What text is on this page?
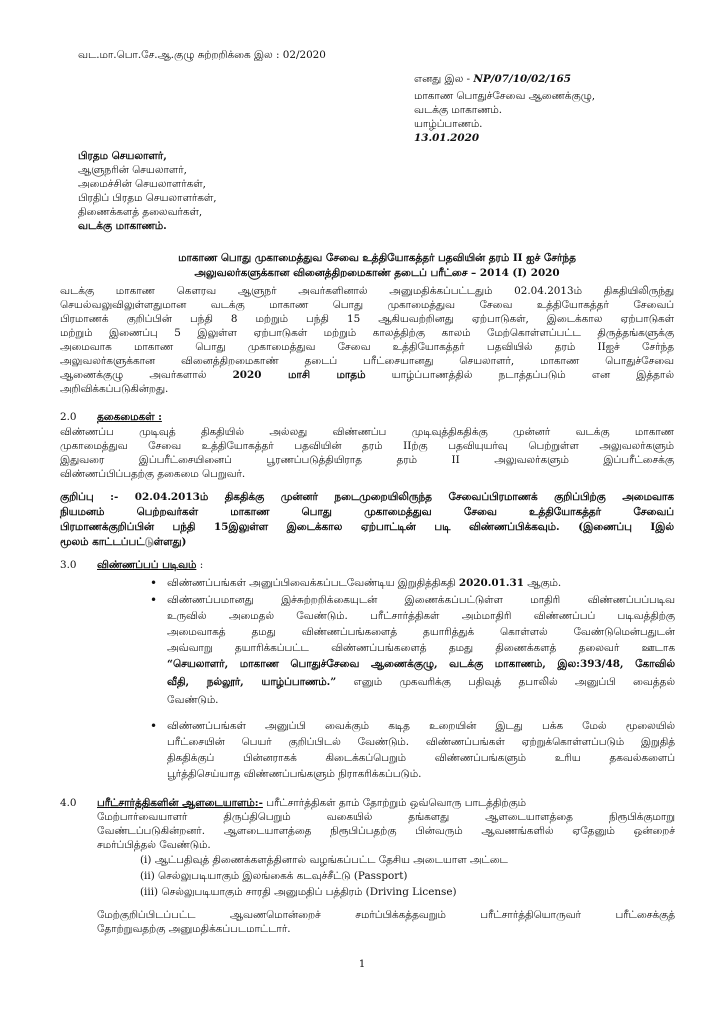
வட.மா.பொ.சே.ஆ.குழு சுற்றறிக்கை இல : 02/2020
எனது இல - NP/07/10/02/165
மாகாண பொதுச்சேவை ஆணைக்குழு,
வடக்கு மாகாணம்.
யாழ்ப்பாணம்.
13.01.2020
பிரதம செயலாளர்,
ஆளுநரின் செயலாளர்,
அமைச்சின் செயலாளர்கள்,
பிரதிப் பிரதம செயலாளர்கள்,
திணைக்களத் தலைவர்கள்,
வடக்கு மாகாணம்.
மாகாண பொது முகாமைத்துவ சேவை உத்தியோகத்தர் பதவியின் தரம் II ஐச் சேர்ந்த
அலுவலர்களுக்கான வினைத்திறமைகாண் தடைப் பரீட்சை – 2014 (I) 2020
வடக்கு மாகாண கௌரவ ஆளுநர் அவர்களினால் அனுமதிக்கப்பட்டதும் 02.04.2013ம் திகதியிலிருந்து
செயல்வலுவிலுள்ளதுமான வடக்கு மாகாண பொது முகாமைத்துவ சேவை உத்தியோகத்தர் சேவைப்
பிரமாணக் குறிப்பின் பந்தி 8 மற்றும் பந்தி 15 ஆகியவற்றினது ஏற்பாடுகள், இடைக்கால ஏற்பாடுகள்
மற்றும் இணைப்பு 5 இலுள்ள ஏற்பாடுகள் மற்றும் காலத்திற்கு காலம் மேற்கொள்ளப்பட்ட திருத்தங்களுக்கு
அமைவாக மாகாண பொது முகாமைத்துவ சேவை உத்தியோகத்தர் பதவியில் தரம் IIஐச் சேர்ந்த
அலுவலர்களுக்கான வினைத்திறமைகாண் தடைப் பரீட்சையானது செயலாளர், மாகாண பொதுச்சேவை
ஆணைக்குழு அவர்களால் 2020 மாசி மாதம் யாழ்ப்பாணத்தில் நடாத்தப்படும் என இத்தால்
அறிவிக்கப்படுகின்றது.
2.0	தகைமைகள் :
விண்ணப்ப முடிவுத் திகதியில் அல்லது விண்ணப்ப முடிவுத்திகதிக்கு முன்னர் வடக்கு மாகாண
முகாமைத்துவ சேவை உத்தியோகத்தர் பதவியின் தரம் IIற்கு பதவியுயர்வு பெற்றுள்ள அலுவலர்களும்
இதுவரை இப்பரீட்சையினைப் பூரணப்படுத்தியிராத தரம் II அலுவலர்களும் இப்பரீட்சைக்கு
விண்ணப்பிப்பதற்கு தகைமை பெறுவர்.
குறிப்பு :- 02.04.2013ம் திகதிக்கு முன்னர் நடைமுறையிலிருந்த சேவைப்பிரமாணக் குறிப்பிற்கு அமைவாக
நியமனம் பெற்றவர்கள் மாகாண பொது முகாமைத்துவ சேவை உத்தியோகத்தர் சேவைப்
பிரமாணக்குறிப்பின் பந்தி 15இலுள்ள இடைக்கால ஏற்பாட்டின் படி விண்ணப்பிக்கவும். (இணைப்பு Iஇல்
மூலம் காட்டப்பட்டுள்ளது)
3.0	விண்ணப்பப் படிவம் :
• விண்ணப்பங்கள் அனுப்பிவைக்கப்படவேண்டிய இறுதித்திகதி 2020.01.31 ஆகும்.
• விண்ணப்பமானது இச்சுற்றறிக்கையுடன் இணைக்கப்பட்டுள்ள மாதிரி விண்ணப்பப்படிவ
உருவில் அமைதல் வேண்டும். பரீட்சார்த்திகள் அம்மாதிரி விண்ணப்பப் படிவத்திற்கு
அமைவாகத் தமது விண்ணப்பங்களைத் தயாரித்துக் கொள்ளல் வேண்டுமென்பதுடன்
அவ்வாறு தயாரிக்கப்பட்ட விண்ணப்பங்களைத் தமது திணைக்களத் தலைவர் ஊடாக
“செயலாளர், மாகாண பொதுச்சேவை ஆணைக்குழு, வடக்கு மாகாணம், இல:393/48, கோவில்
வீதி, நல்லூர், யாழ்ப்பாணம்.” எனும் முகவரிக்கு பதிவுத் தபாலில் அனுப்பி வைத்தல்
வேண்டும்.
• விண்ணப்பங்கள் அனுப்பி வைக்கும் கடித உறையின் இடது பக்க மேல் மூலையில்
பரீட்சையின் பெயர் குறிப்பிடல் வேண்டும். விண்ணப்பங்கள் ஏற்றுக்கொள்ளப்படும் இறுதித்
திகதிக்குப் பின்னராகக் கிடைக்கப்பெறும் விண்ணப்பங்களும் உரிய தகவல்களைப்
பூர்த்திசெய்யாத விண்ணப்பங்களும் நிராகரிக்கப்படும்.
4.0	பரீட்சார்த்திகளின் ஆளடையாளம்:- பரீட்சார்த்திகள் தாம் தோற்றும் ஒவ்வொரு பாடத்திற்கும்
மேற்பார்வையாளர் திருப்திபெறும் வகையில் தங்களது ஆளடையாளத்தை நிரூபிக்குமாறு
வேண்டப்படுகின்றனர். ஆளடையாளத்தை நிரூபிப்பதற்கு பின்வரும் ஆவணங்களில் ஏதேனும் ஒன்றைச்
சமர்ப்பித்தல் வேண்டும்.
(i) ஆட்பதிவுத் திணைக்களத்தினால் வழங்கப்பட்ட தேசிய அடையாள அட்டை
(ii) செல்லுபடியாகும் இலங்கைக் கடவுச்சீட்டு (Passport)
(iii) செல்லுபடியாகும் சாரதி அனுமதிப் பத்திரம் (Driving License)
மேற்குறிப்பிடப்பட்ட ஆவணமொன்றைச் சமர்ப்பிக்கத்தவறும் பரீட்சார்த்தியொருவர் பரீட்சைக்குத்
தோற்றுவதற்கு அனுமதிக்கப்படமாட்டார்.
1
